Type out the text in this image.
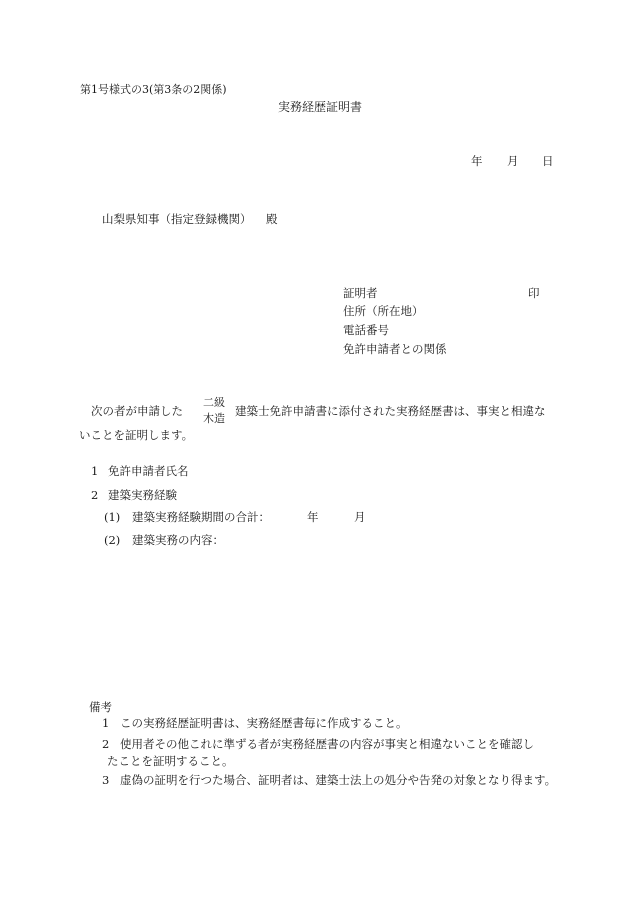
第1号様式の3(第3条の2関係)
実務経歴証明書
年 月 日
山梨県知事（指定登録機関） 殿
証明者	印
住所（所在地）
電話番号
免許申請者との関係
次の者が申請した
二級
木造
建築士免許申請書に添付された実務経歴書は、事実と相違な
いことを証明します。
1 免許申請者氏名
2 建築実務経験
(1) 建築実務経験期間の合計：	年	月
(2) 建築実務の内容：
備考
1 この実務経歴証明書は、実務経歴書毎に作成すること。
2 使用者その他これに準ずる者が実務経歴書の内容が事実と相違ないことを確認し
たことを証明すること。
3 虚偽の証明を行つた場合、証明者は、建築士法上の処分や告発の対象となり得ます。
